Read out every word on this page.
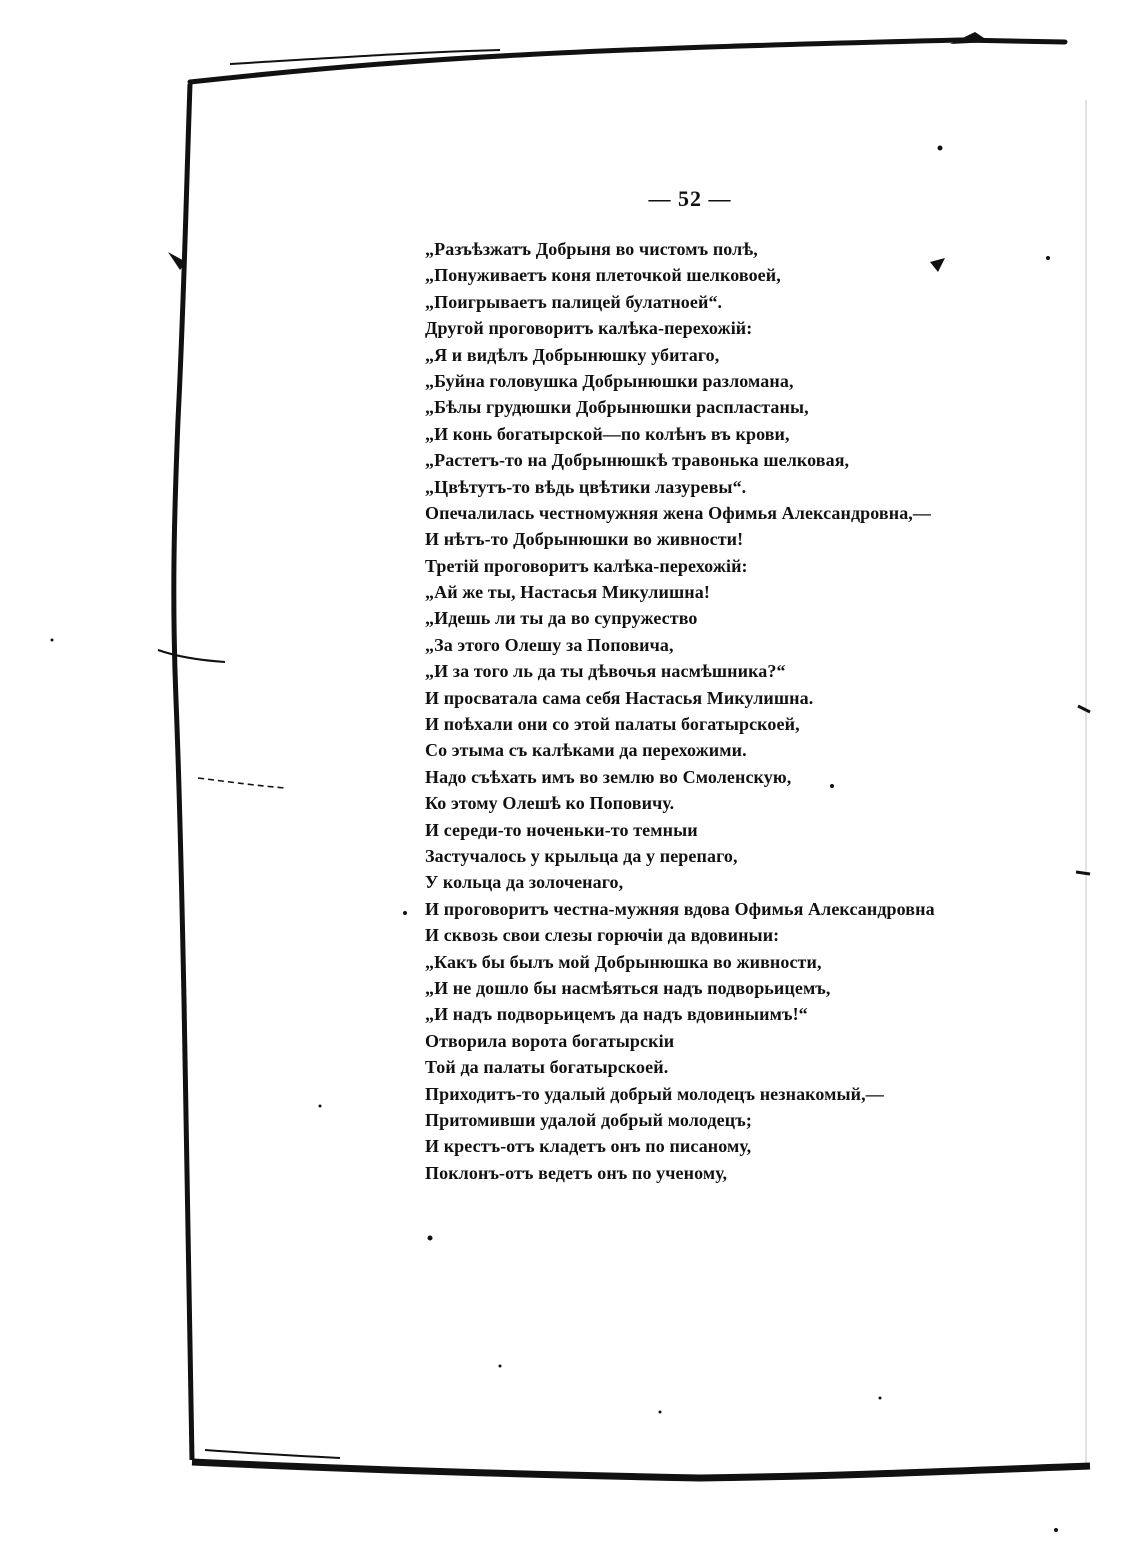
— 52 —
„Разъѣзжатъ Добрыня во чистомъ полѣ,
„Понуживаетъ коня плеточкой шелковоей,
„Поигрываетъ палицей булатноей“.
Другой проговоритъ калѣка-перехожій:
„Я и видѣлъ Добрынюшку убитаго,
„Буйна головушка Добрынюшки разломана,
„Бѣлы грудюшки Добрынюшки распластаны,
„И конь богатырской—по колѣнъ въ крови,
„Растетъ-то на Добрынюшкѣ травонька шелковая,
„Цвѣтутъ-то вѣдь цвѣтики лазуревы“.
Опечалилась честномужняя жена Офимья Александровна,—
И нѣтъ-то Добрынюшки во живности!
Третій проговоритъ калѣка-перехожій:
„Ай же ты, Настасья Микулишна!
„Идешь ли ты да во супружество
„За этого Олешу за Поповича,
„И за того ль да ты дѣвочья насмѣшника?“
И просватала сама себя Настасья Микулишна.
И поѣхали они со этой палаты богатырскоей,
Со этыма съ калѣками да перехожими.
Надо съѣхать имъ во землю во Смоленскую,
Ко этому Олешѣ ко Поповичу.
И середи-то ноченьки-то темныи
Застучалось у крыльца да у перепаго,
У кольца да золоченаго,
И проговоритъ честна-мужняя вдова Офимья Александровна
И сквозь свои слезы горючіи да вдовиныи:
„Какъ бы былъ мой Добрынюшка во живности,
„И не дошло бы насмѣяться надъ подворьицемъ,
„И надъ подворьицемъ да надъ вдовиныимъ!“
Отворила ворота богатырскіи
Той да палаты богатырскоей.
Приходитъ-то удалый добрый молодецъ незнакомый,—
Притомивши удалой добрый молодецъ;
И крестъ-отъ кладетъ онъ по писаному,
Поклонъ-отъ ведетъ онъ по ученому,
